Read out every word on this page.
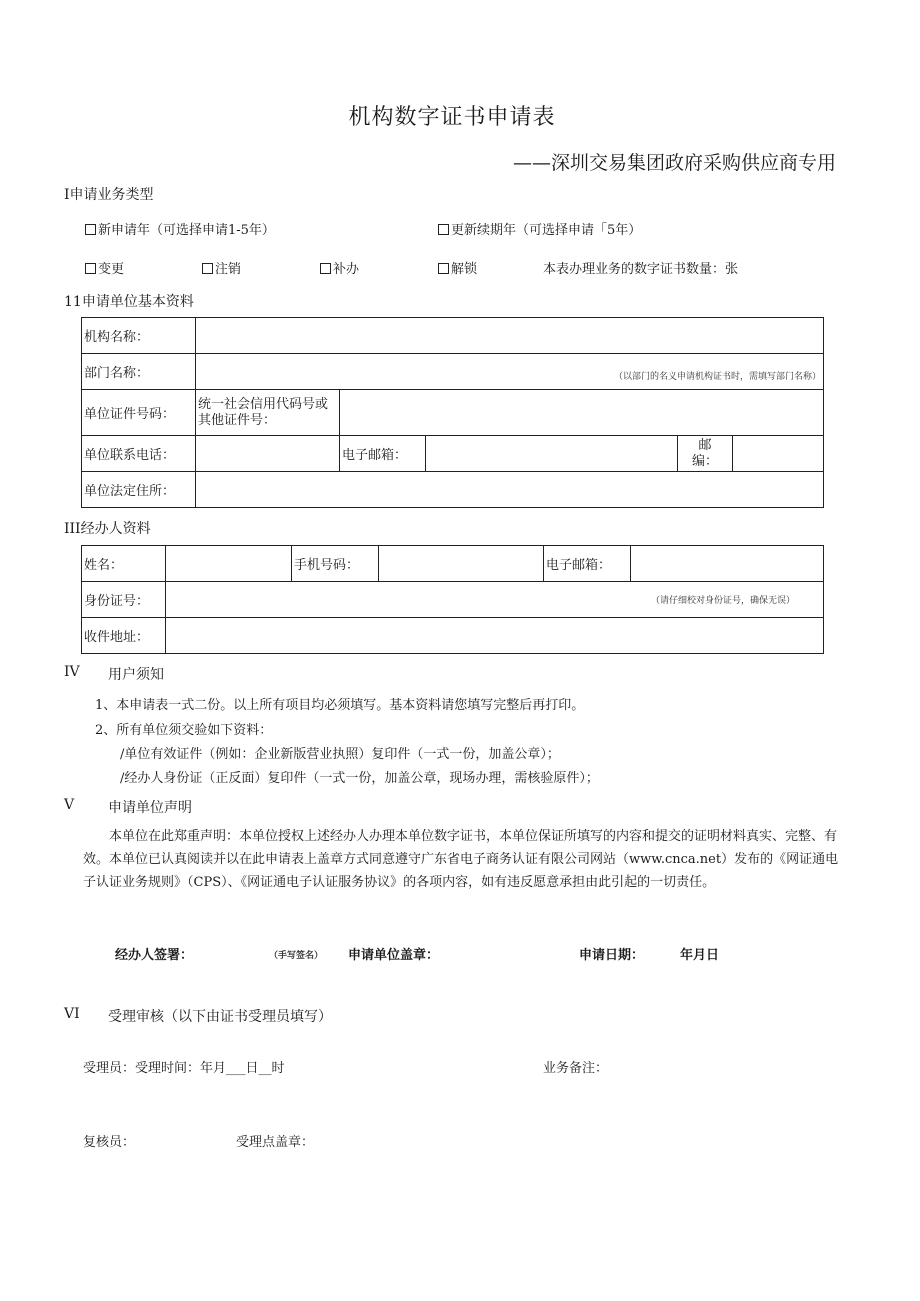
机构数字证书申请表
——深圳交易集团政府采购供应商专用
I申请业务类型
新申请年（可选择申请1-5年）	更新续期年（可选择申请「5年）
变更	注销	补办	解锁	本表办理业务的数字证书数量：张
11申请单位基本资料
机构名称：					
部门名称：	（以部门的名义申请机构证书时，需填写部门名称）				
单位证件号码：	统一社会信用代码号或其他证件号：				
单位联系电话：		电子邮箱：		邮
编：	

单位法定住所：					
III经办人资料
姓名：		手机号码：		电子邮箱：	
身份证号：	（请仔细校对身份证号，确保无误）				
收件地址：					
IV 用户须知
1、本申请表一式二份。以上所有项目均必须填写。基本资料请您填写完整后再打印。
2、所有单位须交验如下资料：
/单位有效证件（例如：企业新版营业执照）复印件（一式一份，加盖公章）；
/经办人身份证（正反面）复印件（一式一份，加盖公章，现场办理，需核验原件）；
V 申请单位声明
本单位在此郑重声明：本单位授权上述经办人办理本单位数字证书，本单位保证所填写的内容和提交的证明材料真实、完整、有效。本单位已认真阅读并以在此申请表上盖章方式同意遵守广东省电子商务认证有限公司网站（www.cnca.net）发布的《网证通电子认证业务规则》（CPS）、《网证通电子认证服务协议》的各项内容，如有违反愿意承担由此引起的一切责任。
经办人签署：	（手写签名） 申请单位盖章：	申请日期：	年月日
VI 受理审核（以下由证书受理员填写）
受理员：受理时间：年月___日__时	业务备注：
复核员：	受理点盖章：
